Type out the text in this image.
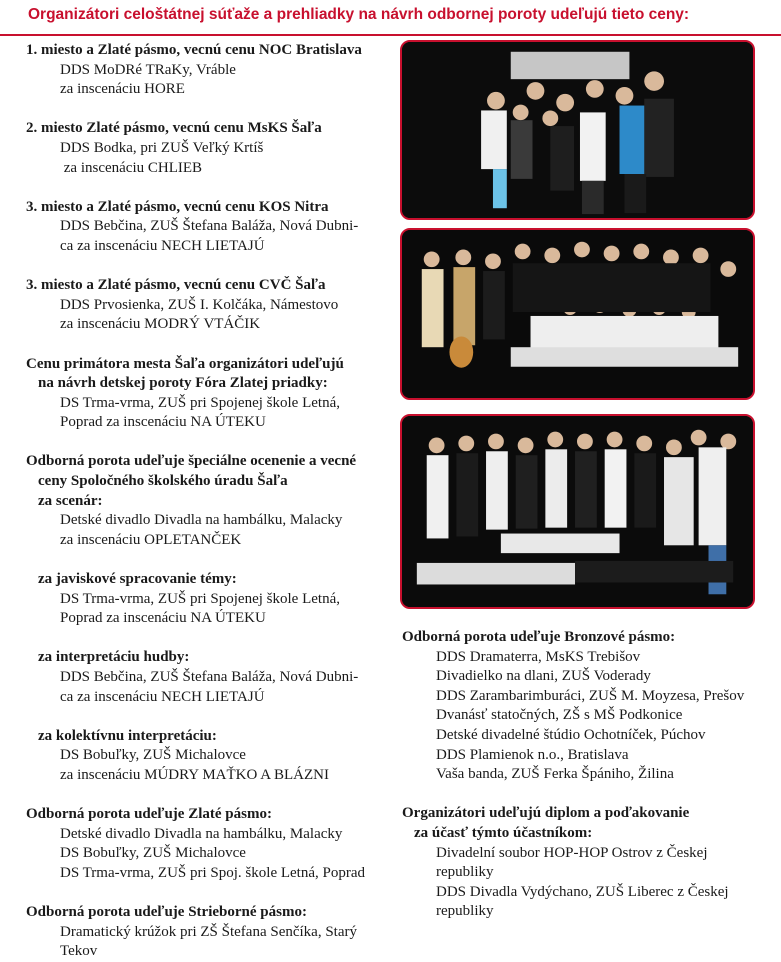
Organizátori celoštátnej súťaže a prehliadky na návrh odbornej poroty udeľujú tieto ceny:
1. miesto a Zlaté pásmo, vecnú cenu NOC Bratislava
DDS MoDRé TRaKy, Vráble
za inscenáciu HORE
2. miesto Zlaté pásmo, vecnú cenu MsKS Šaľa
DDS Bodka, pri ZUŠ Veľký Krtíš
za inscenáciu CHLIEB
3. miesto a Zlaté pásmo, vecnú cenu KOS Nitra
DDS Bebčina, ZUŠ Štefana Baláža, Nová Dubni-
ca za inscenáciu NECH LIETAJÚ
3. miesto a Zlaté pásmo, vecnú cenu CVČ Šaľa
DDS Prvosienka, ZUŠ I. Kolčáka, Námestovo
za inscenáciu MODRÝ VTÁČIK
Cenu primátora mesta Šaľa organizátori udeľujú
na návrh detskej poroty Fóra Zlatej priadky:
DS Trma-vrma, ZUŠ pri Spojenej škole Letná,
Poprad za inscenáciu NA ÚTEKU
Odborná porota udeľuje špeciálne ocenenie a vecné
ceny Spoločného školského úradu Šaľa
za scenár:
Detské divadlo Divadla na hambálku, Malacky
za inscenáciu OPLETANČEK
za javiskové spracovanie témy:
DS Trma-vrma, ZUŠ pri Spojenej škole Letná,
Poprad za inscenáciu NA ÚTEKU
za interpretáciu hudby:
DDS Bebčina, ZUŠ Štefana Baláža, Nová Dubni-
ca za inscenáciu NECH LIETAJÚ
za kolektívnu interpretáciu:
DS Bobuľky, ZUŠ Michalovce
za inscenáciu MÚDRY MAŤKO A BLÁZNI
Odborná porota udeľuje Zlaté pásmo:
Detské divadlo Divadla na hambálku, Malacky
DS Bobuľky, ZUŠ Michalovce
DS Trma-vrma, ZUŠ pri Spoj. škole Letná, Poprad
Odborná porota udeľuje Strieborné pásmo:
Dramatický krúžok pri ZŠ Štefana Senčíka, Starý
Tekov
Odborná porota udeľuje Bronzové pásmo:
DDS Dramaterra, MsKS Trebišov
Divadielko na dlani, ZUŠ Voderady
DDS Zarambarimburáci, ZUŠ M. Moyzesa, Prešov
Dvanásť statočných, ZŠ s MŠ Podkonice
Detské divadelné štúdio Ochotníček, Púchov
DDS Plamienok n.o., Bratislava
Vaša banda, ZUŠ Ferka Špániho, Žilina
Organizátori udeľujú diplom a poďakovanie
za účasť týmto účastníkom:
Divadelní soubor HOP-HOP Ostrov z Českej
republiky
DDS Divadla Vydýchano, ZUŠ Liberec z Českej
republiky
